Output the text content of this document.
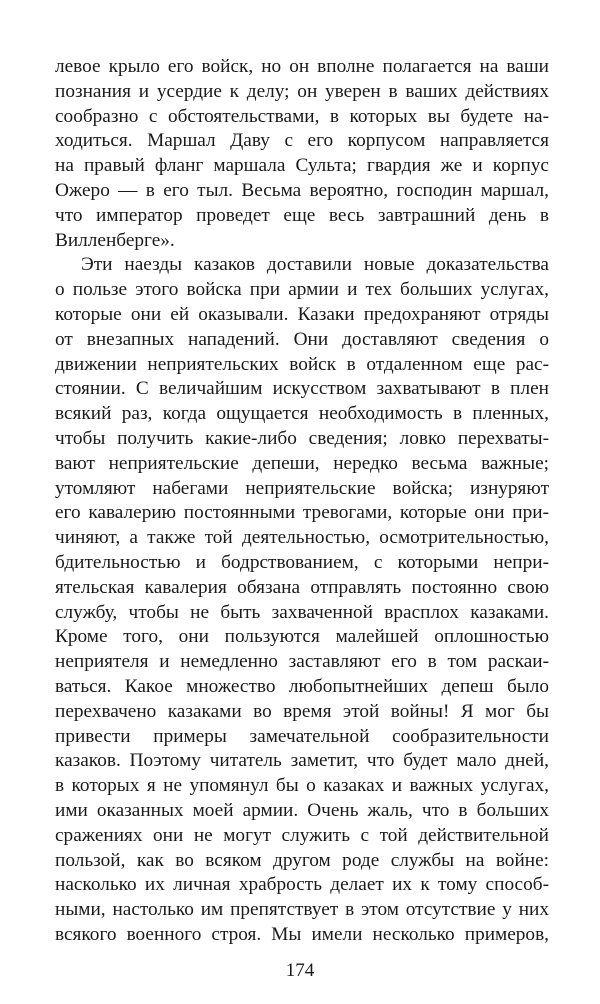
левое крыло его войск, но он вполне полагается на ваши
познания и усердие к делу; он уверен в ваших действиях
сообразно с обстоятельствами, в которых вы будете на-
ходиться. Маршал Даву с его корпусом направляется
на правый фланг маршала Сульта; гвардия же и корпус
Ожеро — в его тыл. Весьма вероятно, господин маршал,
что император проведет еще весь завтрашний день в
Вилленберге».
Эти наезды казаков доставили новые доказательства
о пользе этого войска при армии и тех больших услугах,
которые они ей оказывали. Казаки предохраняют отряды
от внезапных нападений. Они доставляют сведения о
движении неприятельских войск в отдаленном еще рас-
стоянии. С величайшим искусством захватывают в плен
всякий раз, когда ощущается необходимость в пленных,
чтобы получить какие-либо сведения; ловко перехваты-
вают неприятельские депеши, нередко весьма важные;
утомляют набегами неприятельские войска; изнуряют
его кавалерию постоянными тревогами, которые они при-
чиняют, а также той деятельностью, осмотрительностью,
бдительностью и бодрствованием, с которыми непри-
ятельская кавалерия обязана отправлять постоянно свою
службу, чтобы не быть захваченной врасплох казаками.
Кроме того, они пользуются малейшей оплошностью
неприятеля и немедленно заставляют его в том раскаи-
ваться. Какое множество любопытнейших депеш было
перехвачено казаками во время этой войны! Я мог бы
привести примеры замечательной сообразительности
казаков. Поэтому читатель заметит, что будет мало дней,
в которых я не упомянул бы о казаках и важных услугах,
ими оказанных моей армии. Очень жаль, что в больших
сражениях они не могут служить с той действительной
пользой, как во всяком другом роде службы на войне:
насколько их личная храбрость делает их к тому способ-
ными, настолько им препятствует в этом отсутствие у них
всякого военного строя. Мы имели несколько примеров,
174
